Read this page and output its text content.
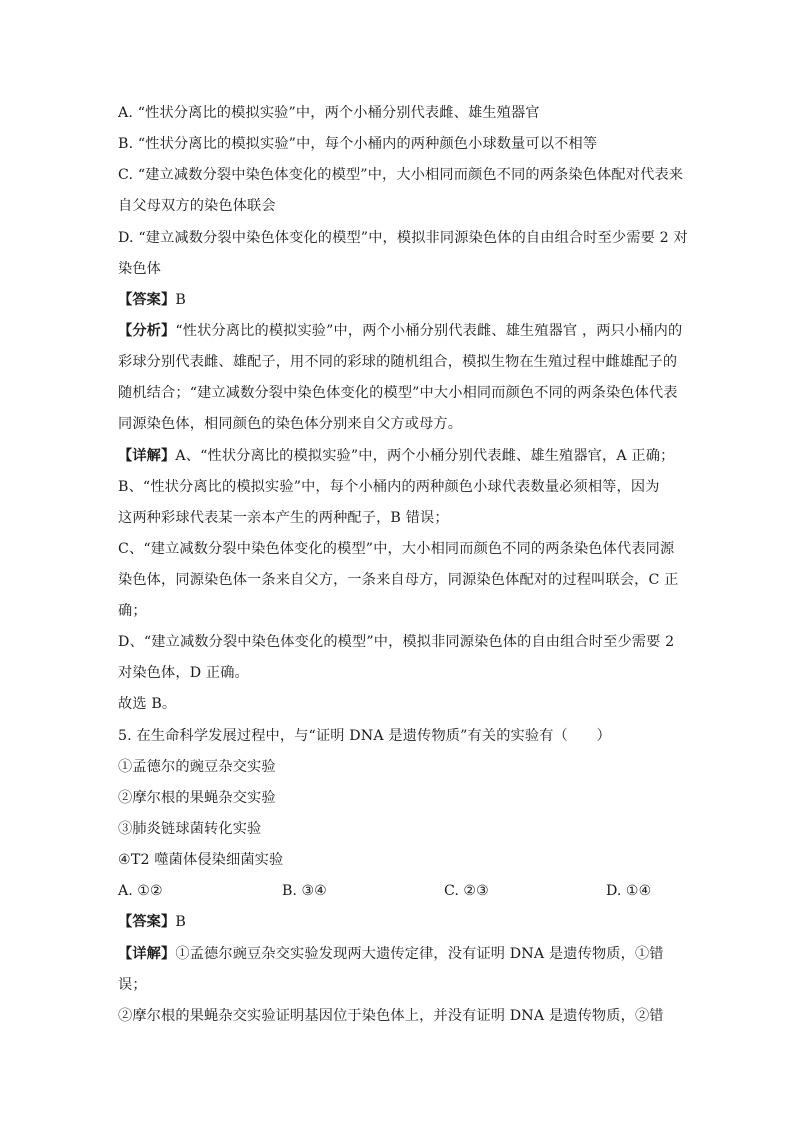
A. “性状分离比的模拟实验”中，两个小桶分别代表雌、雄生殖器官

B. “性状分离比的模拟实验”中，每个小桶内的两种颜色小球数量可以不相等

C. “建立减数分裂中染色体变化的模型”中，大小相同而颜色不同的两条染色体配对代表来

自父母双方的染色体联会

D. “建立减数分裂中染色体变化的模型”中，模拟非同源染色体的自由组合时至少需要 2 对

染色体

【答案】B

【分析】“性状分离比的模拟实验”中，两个小桶分别代表雌、雄生殖器官 ，两只小桶内的

彩球分别代表雌、雄配子，用不同的彩球的随机组合，模拟生物在生殖过程中雌雄配子的

随机结合；“建立减数分裂中染色体变化的模型”中大小相同而颜色不同的两条染色体代表

同源染色体，相同颜色的染色体分别来自父方或母方。

【详解】A、“性状分离比的模拟实验”中，两个小桶分别代表雌、雄生殖器官，A 正确；

B、“性状分离比的模拟实验”中，每个小桶内的两种颜色小球代表数量必须相等，因为

这两种彩球代表某一亲本产生的两种配子，B 错误；

C、“建立减数分裂中染色体变化的模型”中，大小相同而颜色不同的两条染色体代表同源

染色体，同源染色体一条来自父方，一条来自母方，同源染色体配对的过程叫联会，C 正

确；

D、“建立减数分裂中染色体变化的模型”中，模拟非同源染色体的自由组合时至少需要 2

对染色体，D 正确。

故选 B。

5. 在生命科学发展过程中，与“证明 DNA 是遗传物质”有关的实验有（　　）

①孟德尔的豌豆杂交实验

②摩尔根的果蝇杂交实验

③肺炎链球菌转化实验

④T2 噬菌体侵染细菌实验

A. ①②	B. ③④	C. ②③	D. ①④

【答案】B

【详解】①孟德尔豌豆杂交实验发现两大遗传定律，没有证明 DNA 是遗传物质，①错

误；

②摩尔根的果蝇杂交实验证明基因位于染色体上，并没有证明 DNA 是遗传物质，②错
